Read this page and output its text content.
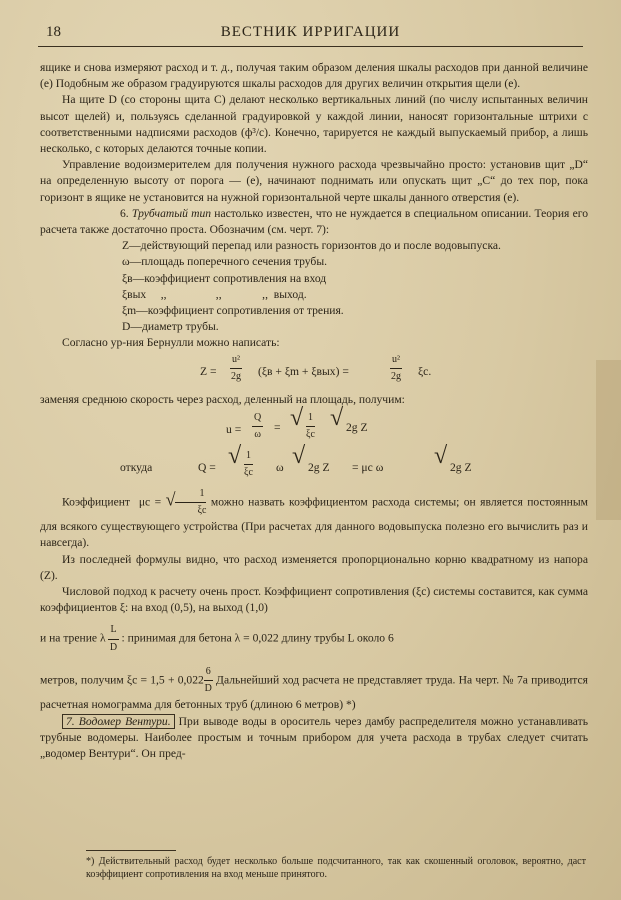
18	ВЕСТНИК ИРРИГАЦИИ

ящике и снова измеряют расход и т. д., получая таким образом деления шкалы расходов при данной величине (е) Подобным же образом градуируются шкалы расходов для других величин открытия щели (е).

На щите D (со стороны щита С) делают несколько вертикальных линий (по числу испытанных величин высот щелей) и, пользуясь сделанной градуировкой у каждой линии, наносят горизонтальные штрихи с соответственными надписями расходов (ф³/с). Конечно, тарируется не каждый выпускаемый прибор, а лишь несколько, с которых делаются точные копии.

Управление водоизмерителем для получения нужного расхода чрезвычайно просто: установив щит „D“ на определенную высоту от порога — (е), начинают поднимать или опускать щит „С“ до тех пор, пока горизонт в ящике не установится на нужной горизонтальной черте шкалы данного отверстия (е).

6. Трубчатый тип настолько известен, что не нуждается в специальном описании. Теория его расчета также достаточно проста. Обозначим (см. черт. 7):

Z—действующий перепад или разность горизонтов до и после водовыпуска.
ω—площадь поперечного сечения трубы.
ξв—коэффициент сопротивления на вход
ξвых     ,,                 ,,              ,,  выход.
ξm—коэффициент сопротивления от трения.
D—диаметр трубы.

Согласно ур-ния Бернулли можно написать:

$Z = \frac{\text{u²}}{2g} (\xi в + \xi m + \xi вых)$ =	$\frac{\text{u²}}{2g} \xi c$.

заменяя среднюю скорость через расход, деленный на площадь, получим:

$u = \frac{Q}{\omega}$ = √ $\frac{1}{\xi c}$ √ 2g Z
откуда	Q = √ $\frac{1}{\xi c}$ ω √ 2g Z = μc ω √ 2g Z

Коэффициент μc = √ $\frac{1}{\xi c}$ можно назвать коэффициентом расхода системы; он является постоянным для всякого существующего устройства (При расчетах для данного водовыпуска полезно его вычислить раз и навсегда).

Из последней формулы видно, что расход изменяется пропорционально корню квадратному из напора (Z).

Числовой подход к расчету очень прост. Коэффициент сопротивления (ξc) системы составится, как сумма коэффициентов ξ: на вход (0,5), на выход (1,0)

и на трение λ $\frac{L}{D}$ : принимая для бетона λ = 0,022 длину трубы L около 6

метров, получим $\xi c = 1,5 + 0,022 \frac{6}{D}$ Дальнейший ход расчета не представляет труда. На черт. № 7а приводится расчетная номограмма для бетонных труб (длиною 6 метров) *)

7. Водомер Вентури. При выводе воды в ороситель через дамбу распределителя можно устанавливать трубные водомеры. Наиболее простым и точным прибором для учета расхода в трубах следует считать „водомер Вентури“. Он пред-

*) Действительный расход будет несколько больше подсчитанного, так как скошенный оголовок, вероятно, даст коэффициент сопротивления на вход меньше принятого.
